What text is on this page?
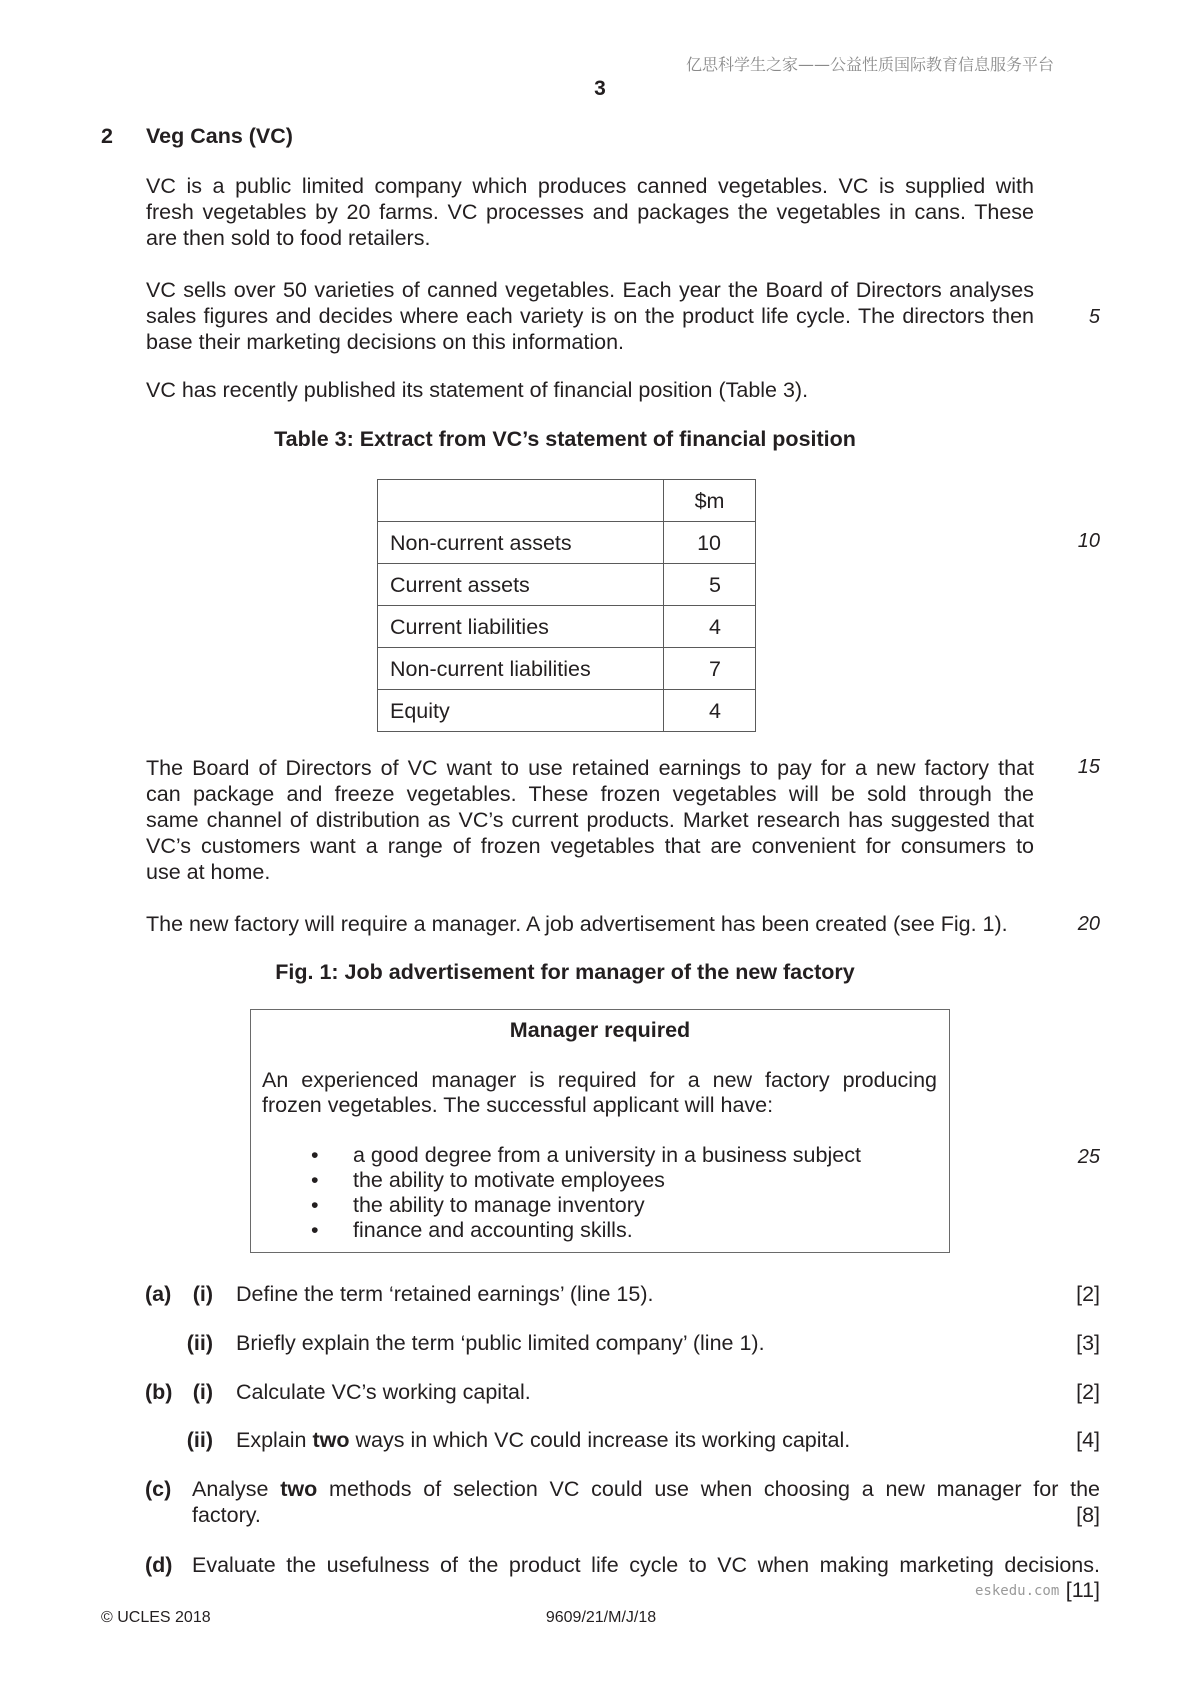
亿思科学生之家——公益性质国际教育信息服务平台
3
2 Veg Cans (VC)
VC is a public limited company which produces canned vegetables. VC is supplied with
fresh vegetables by 20 farms. VC processes and packages the vegetables in cans. These
are then sold to food retailers.
VC sells over 50 varieties of canned vegetables. Each year the Board of Directors analyses
sales figures and decides where each variety is on the product life cycle. The directors then
base their marketing decisions on this information.
VC has recently published its statement of financial position (Table 3).
Table 3: Extract from VC’s statement of financial position
	$m
Non-current assets	10
Current assets	5
Current liabilities	4
Non-current liabilities	7
Equity	4
The Board of Directors of VC want to use retained earnings to pay for a new factory that
can package and freeze vegetables. These frozen vegetables will be sold through the
same channel of distribution as VC’s current products. Market research has suggested that
VC’s customers want a range of frozen vegetables that are convenient for consumers to
use at home.
The new factory will require a manager. A job advertisement has been created (see Fig. 1).
5
10
15
20
25
Fig. 1: Job advertisement for manager of the new factory
Manager required
An experienced manager is required for a new factory producing
frozen vegetables. The successful applicant will have:
• a good degree from a university in a business subject
• the ability to motivate employees
• the ability to manage inventory
• finance and accounting skills.
(a) (i) Define the term ‘retained earnings’ (line 15).	[2]
(ii) Briefly explain the term ‘public limited company’ (line 1).	[3]
(b) (i) Calculate VC’s working capital.	[2]
(ii) Explain two ways in which VC could increase its working capital.	[4]
(c) Analyse two methods of selection VC could use when choosing a new manager for the
factory.	[8]
(d) Evaluate the usefulness of the product life cycle to VC when making marketing decisions.
eskedu.com [11]
© UCLES 2018	9609/21/M/J/18
